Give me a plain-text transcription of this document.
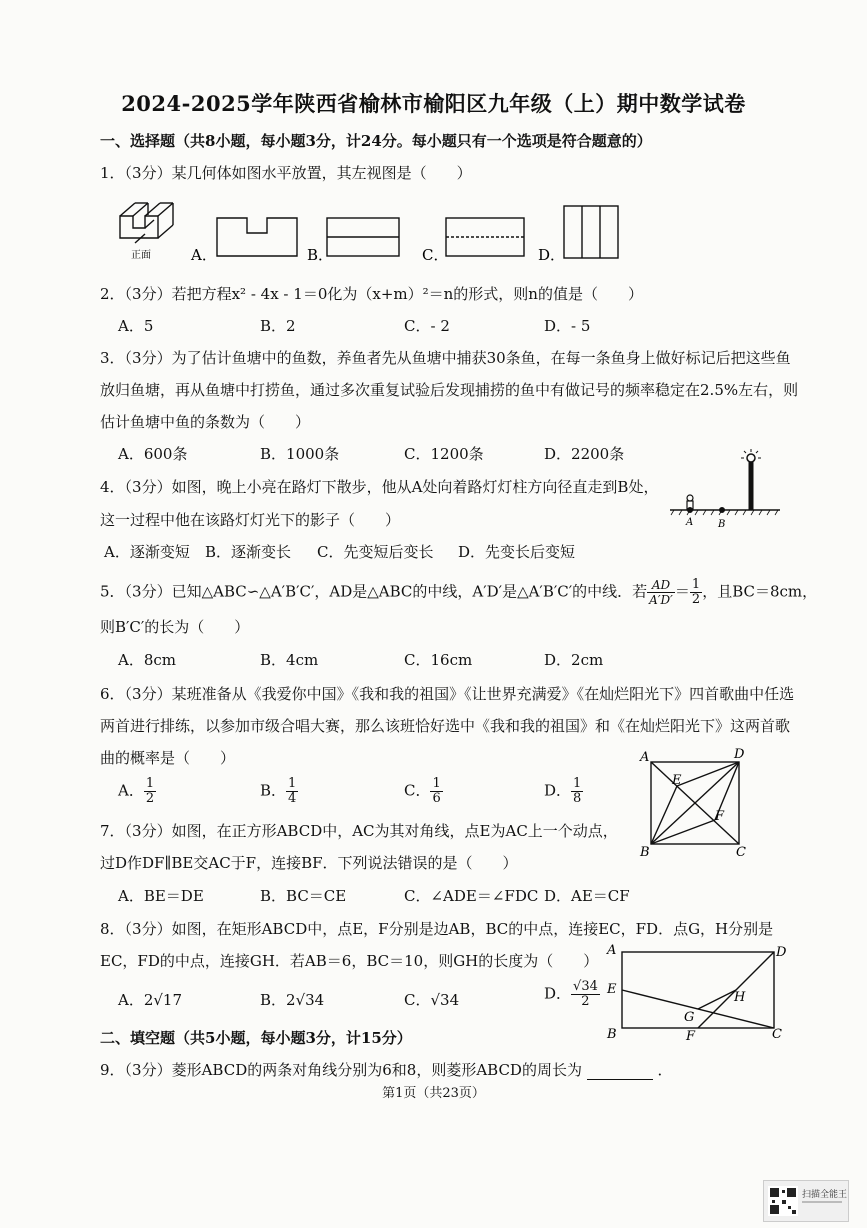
2024-2025学年陕西省榆林市榆阳区九年级（上）期中数学试卷
一、选择题（共8小题，每小题3分，计24分。每小题只有一个选项是符合题意的）
1．（3分）某几何体如图水平放置，其左视图是（　　）
正面	A．	B．	C．	D．
2．（3分）若把方程x² - 4x - 1＝0化为（x+m）²＝n的形式，则n的值是（　　）
A．5	B．2	C．- 2	D．- 5
3．（3分）为了估计鱼塘中的鱼数，养鱼者先从鱼塘中捕获30条鱼，在每一条鱼身上做好标记后把这些鱼
放归鱼塘，再从鱼塘中打捞鱼，通过多次重复试验后发现捕捞的鱼中有做记号的频率稳定在2.5%左右，则
估计鱼塘中鱼的条数为（　　）
A．600条	B．1000条	C．1200条	D．2200条
4．（3分）如图，晚上小亮在路灯下散步，他从A处向着路灯灯柱方向径直走到B处，
这一过程中他在该路灯灯光下的影子（　　）	A B
A．逐渐变短 B．逐渐变长 C．先变短后变长 D．先变长后变短
5．（3分）已知△ABC∽△A′B′C′，AD是△ABC的中线，A′D′是△A′B′C′的中线．若 $\frac{AD}{A'D'} = \frac{1}{2}$ ，且BC＝8cm，
则B′C′的长为（　　）
A．8cm	B．4cm	C．16cm	D．2cm
6．（3分）某班准备从《我爱你中国》《我和我的祖国》《让世界充满爱》《在灿烂阳光下》四首歌曲中任选
两首进行排练，以参加市级合唱大赛，那么该班恰好选中《我和我的祖国》和《在灿烂阳光下》这两首歌
曲的概率是（　　）
A． $\frac{1}{2}$	B． $\frac{1}{4}$	C． $\frac{1}{6}$	D． $\frac{1}{8}$
A	D
B	C
E
F
7．（3分）如图，在正方形ABCD中，AC为其对角线，点E为AC上一个动点，
过D作DF∥BE交AC于F，连接BF．下列说法错误的是（　　）
A．BE＝DE	B．BC＝CE	C．∠ADE＝∠FDC D．AE＝CF
8．（3分）如图，在矩形ABCD中，点E，F分别是边AB，BC的中点，连接EC，FD．点G，H分别是
EC，FD的中点，连接GH．若AB＝6，BC＝10，则GH的长度为（　　）
A．2√17	B．2√34	C．√34	D． $\frac{√34}{2}$
A	D
E
B	C
F
G
H
二、填空题（共5小题，每小题3分，计15分）
9．（3分）菱形ABCD的两条对角线分别为6和8，则菱形ABCD的周长为	．
第1页（共23页）
扫描全能王
